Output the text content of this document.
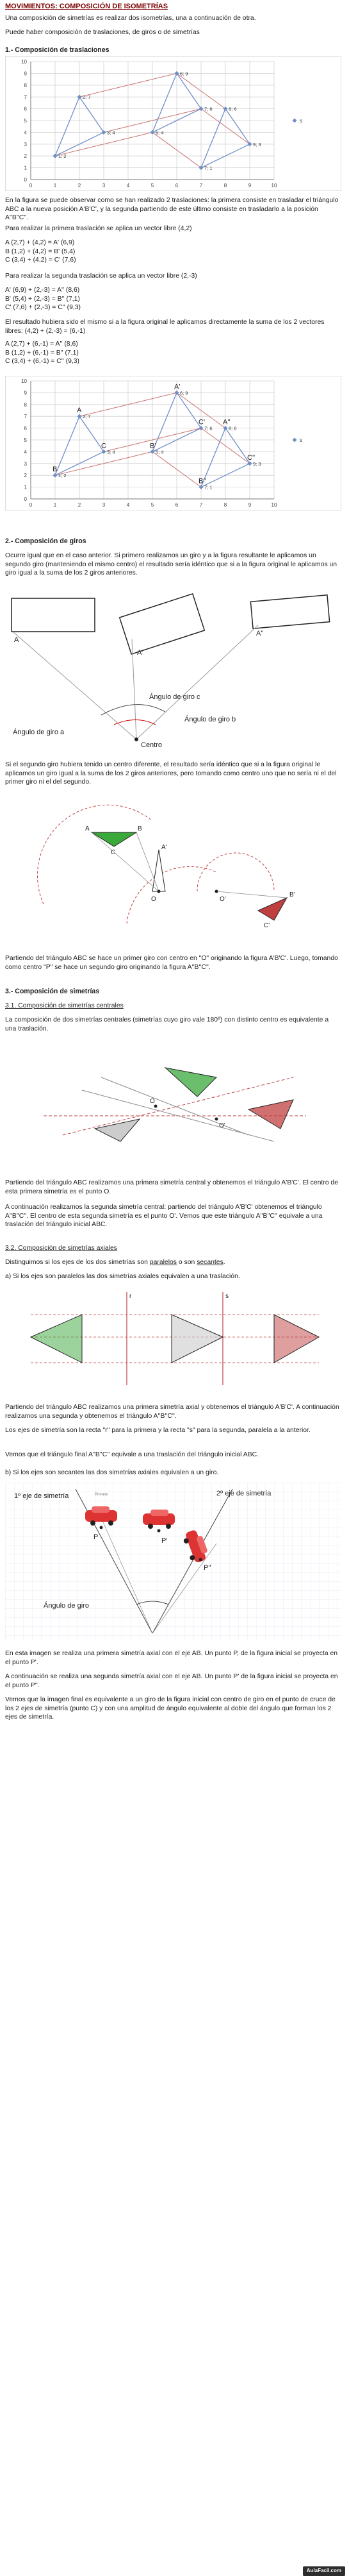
MOVIMIENTOS: COMPOSICIÓN DE ISOMETRÍAS

Una composición de simetrías es realizar dos isometrías, una a continuación de otra.

Puede haber composición de traslaciones, de giros o de simetrías

1.- Composición de traslaciones

0	1	2	3	4	5	6	7	8	9	10
0
1
2
3
4
5
6
7
8
9
10
2; 7
1; 2
3; 4
6; 9
5; 4
7; 6	8; 6
7; 1
9; 3
s

En la figura se puede observar como se han realizado 2 traslaciones: la primera consiste en trasladar el triángulo ABC a la nueva posición A'B'C', y la segunda partiendo de este último consiste en trasladarlo a la posición A''B''C''.

Para realizar la primera traslación se aplica un vector libre (4,2)

A (2,7) + (4,2) = A' (6,9)
B (1,2) + (4,2) = B' (5,4)
C (3,4) + (4,2) = C' (7,6)

Para realizar la segunda traslación se aplica un vector libre (2,-3)

A' (6,9) + (2,-3) = A'' (8,6)
B' (5,4) + (2,-3) = B'' (7,1)
C' (7,6) + (2,-3) = C'' (9,3)

El resultado hubiera sido el mismo si a la figura original le aplicamos directamente la suma de los 2 vectores libres: (4,2) + (2,-3) = (6,-1)

A (2,7) + (6,-1) = A'' (8,6)
B (1,2) + (6,-1) = B'' (7,1)
C (3,4) + (6,-1) = C'' (9,3)
0	1	2	3	4	5	6	7	8	9	10
0
1
2
3
4
5
6
7
8
9
10
2; 7
A
1; 2
B
3; 4
C
6; 9
A'
5; 4
B'
7; 6
C'
8; 6
A''
7; 1
B''
9; 3
C''
s

2.- Composición de giros

Ocurre igual que en el caso anterior. Si primero realizamos un giro y a la figura resultante le aplicamos un segundo giro (manteniendo el mismo centro) el resultado sería idéntico que si a la figura original le aplicamos un giro igual a la suma de los 2 giros anteriores.

A
A'
A''
Centro
Ángulo de giro c
Ángulo de giro a
Ángulo de giro b

Si el segundo giro hubiera tenido un centro diferente, el resultado sería idéntico que si a la figura original le aplicamos un giro igual a la suma de los 2 giros anteriores, pero tomando como centro uno que no sería ni el del primer giro ni el del segundo.

O	O'
A	B
C
A'
B'
C'

Partiendo del triángulo ABC se hace un primer giro con centro en "O" originando la figura A'B'C'. Luego, tomando como centro "P" se hace un segundo giro originando la figura A''B''C''.

3.- Composición de simetrías

3.1. Composición de simetrías centrales

La composición de dos simetrías centrales (simetrías cuyo giro vale 180º) con distinto centro es equivalente a una traslación.

O
O'

Partiendo del triángulo ABC realizamos una primera simetría central y obtenemos el triángulo A'B'C'. El centro de esta primera simetría es el punto O.

A continuación realizamos la segunda simetría central: partiendo del triángulo A'B'C' obtenemos el triángulo A''B''C''. El centro de esta segunda simetría es el punto O'. Vemos que este triángulo A''B''C'' equivale a una traslación del triángulo inicial ABC.

3.2. Composición de simetrías axiales

Distinguimos si los ejes de los dos simetrías son paralelos o son secantes.

a) Si los ejes son paralelos las dos simetrías axiales equivalen a una traslación.

r	s

Partiendo del triángulo ABC realizamos una primera simetría axial y obtenemos el triángulo A'B'C'. A continuación realizamos una segunda y obtenemos el triángulo A''B''C''.

Los ejes de simetría son la recta "r" para la primera y la recta "s" para la segunda, paralela a la anterior.

Vemos que el triángulo final A''B''C'' equivale a una traslación del triángulo inicial ABC.

b) Si los ejes son secantes las dos simetrías axiales equivalen a un giro.

Primero
1º eje de simetría	2º eje de simetría
P	P'
P''
Ángulo de giro

En esta imagen se realiza una primera simetría axial con el eje AB. Un punto P, de la figura inicial se proyecta en el punto P'.

A continuación se realiza una segunda simetría axial con el eje AB. Un punto P' de la figura inicial se proyecta en el punto P''.

Vemos que la imagen final es equivalente a un giro de la figura inicial con centro de giro en el punto de cruce de los 2 ejes de simetría (punto C) y con una amplitud de ángulo equivalente al doble del ángulo que forman los 2 ejes de simetría.

AulaFacil.com
